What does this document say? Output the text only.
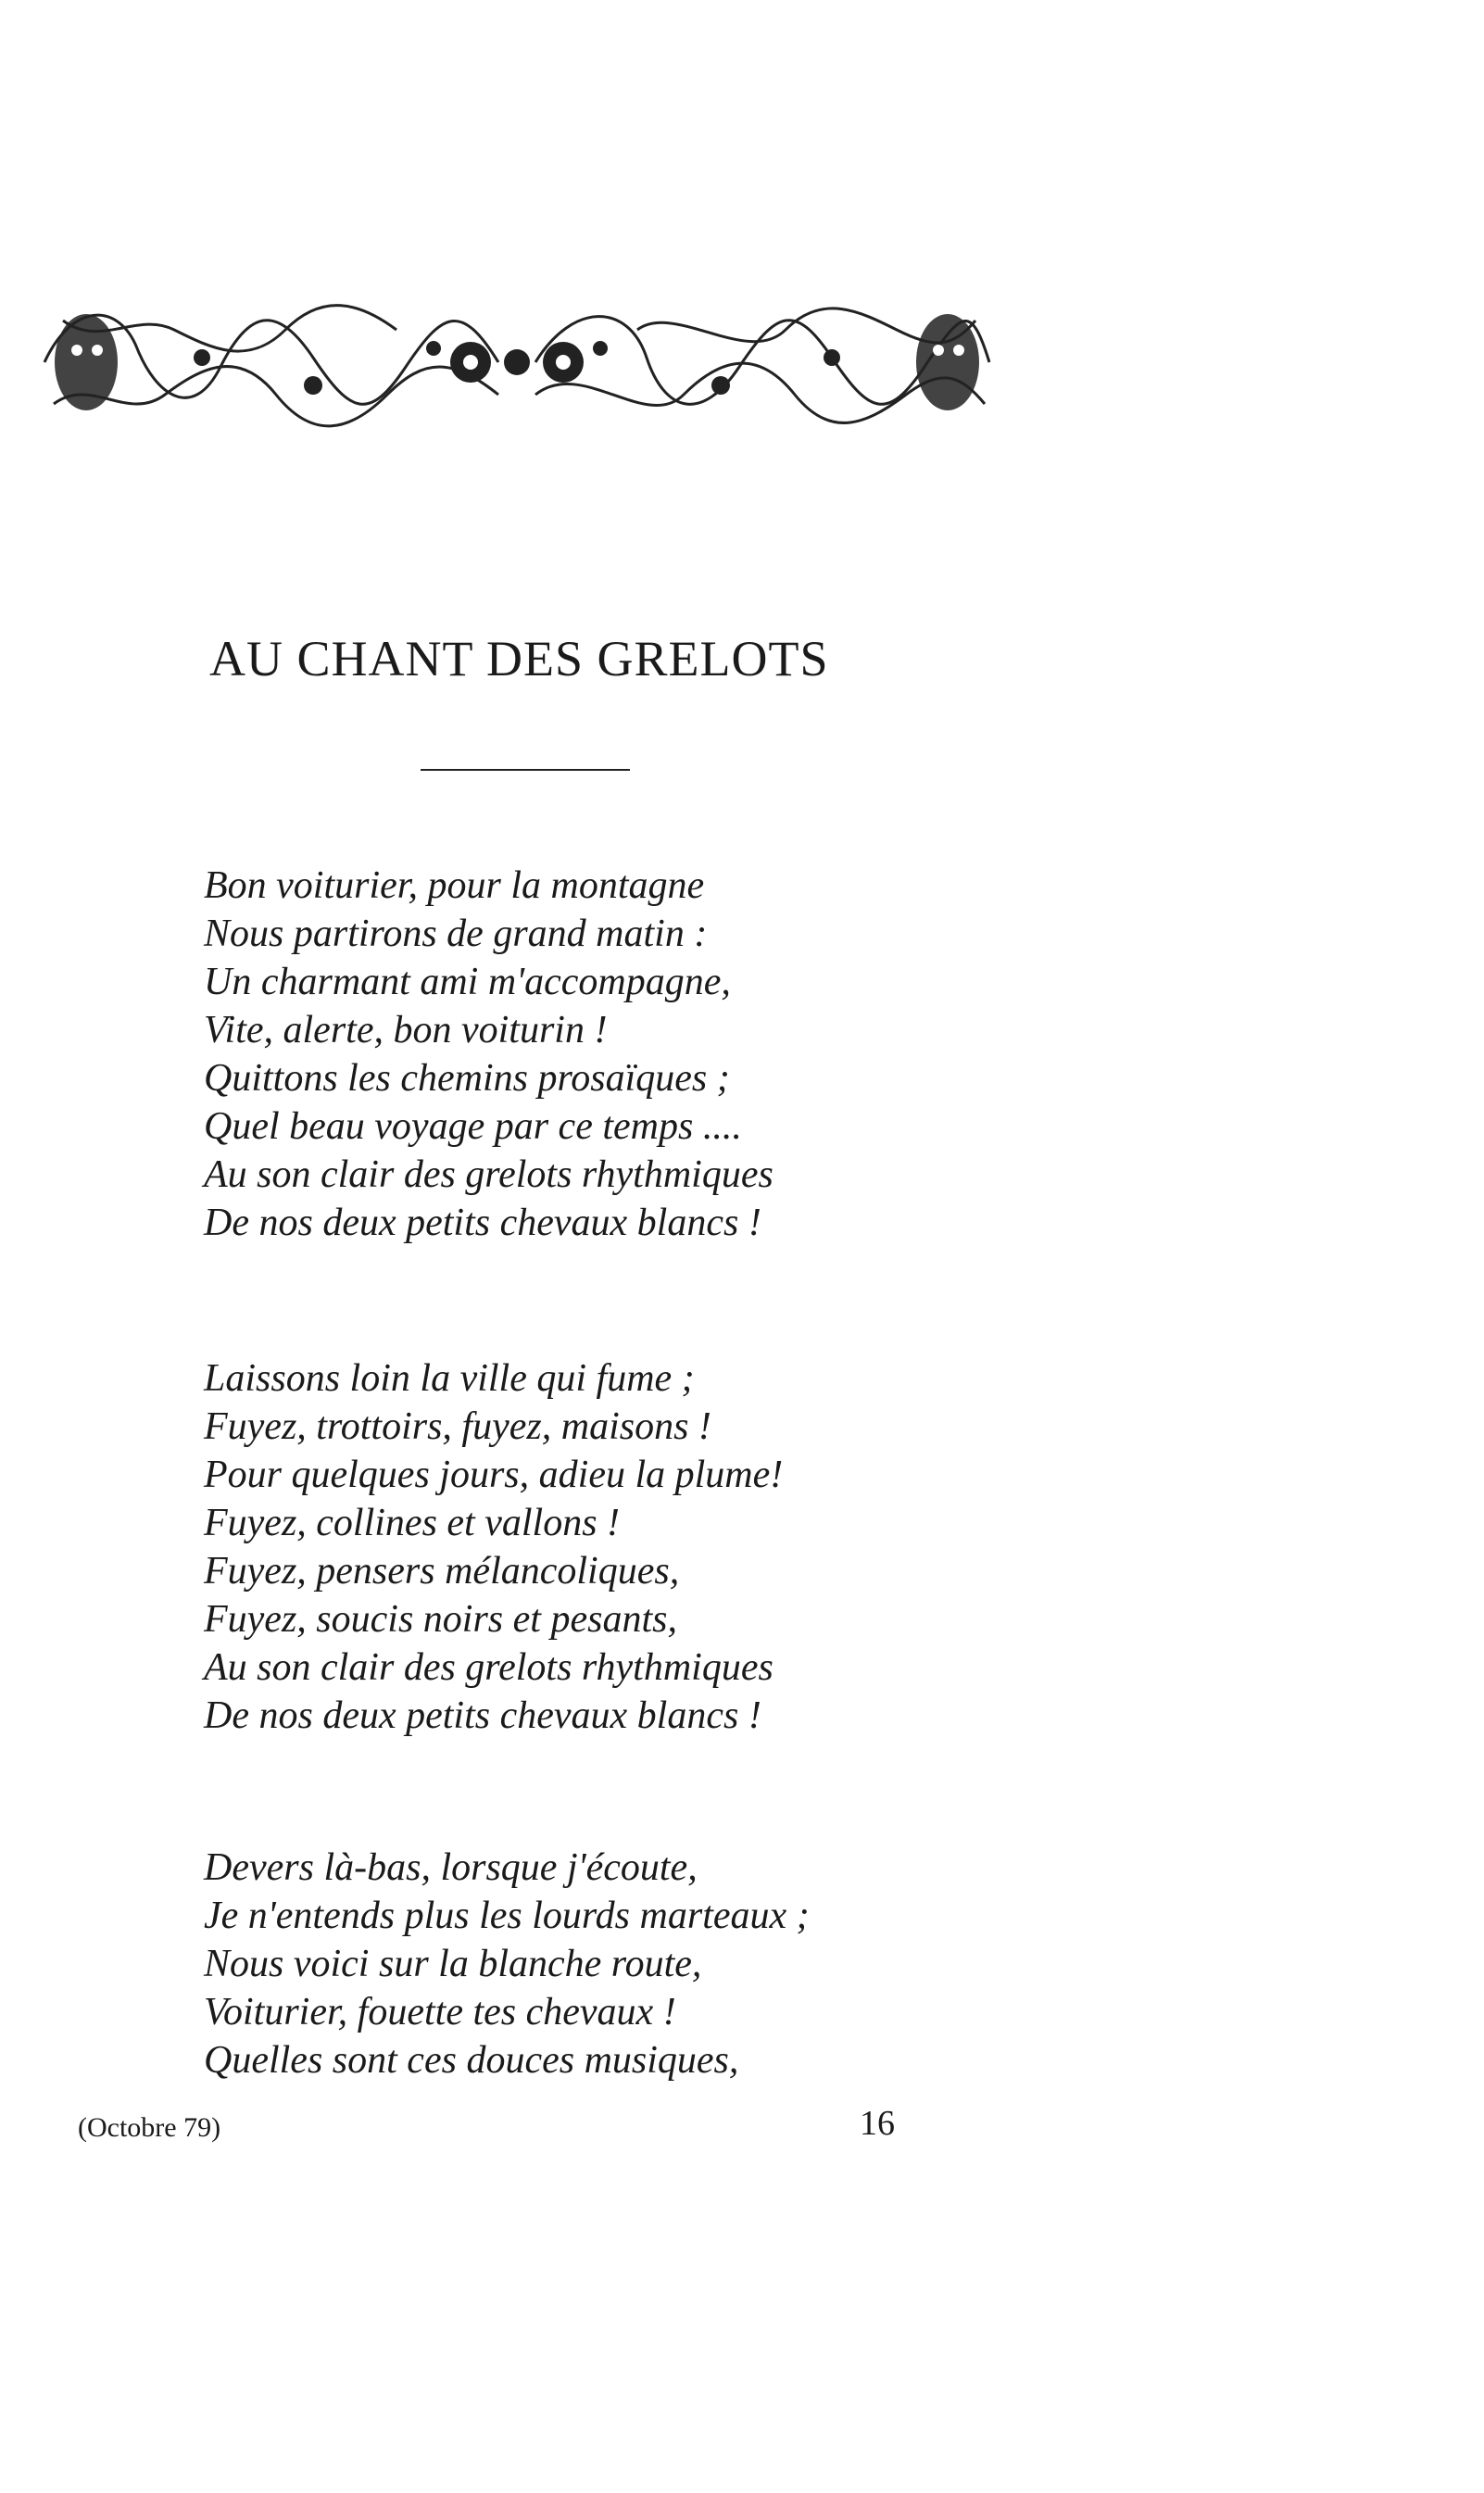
AU CHANT DES GRELOTS
Bon voiturier, pour la montagne
Nous partirons de grand matin :
Un charmant ami m'accompagne,
Vite, alerte, bon voiturin !
Quittons les chemins prosaïques ;
Quel beau voyage par ce temps ....
Au son clair des grelots rhythmiques
De nos deux petits chevaux blancs !
Laissons loin la ville qui fume ;
Fuyez, trottoirs, fuyez, maisons !
Pour quelques jours, adieu la plume!
Fuyez, collines et vallons !
Fuyez, pensers mélancoliques,
Fuyez, soucis noirs et pesants,
Au son clair des grelots rhythmiques
De nos deux petits chevaux blancs !
Devers là-bas, lorsque j'écoute,
Je n'entends plus les lourds marteaux ;
Nous voici sur la blanche route,
Voiturier, fouette tes chevaux !
Quelles sont ces douces musiques,
(Octobre 79)	16
